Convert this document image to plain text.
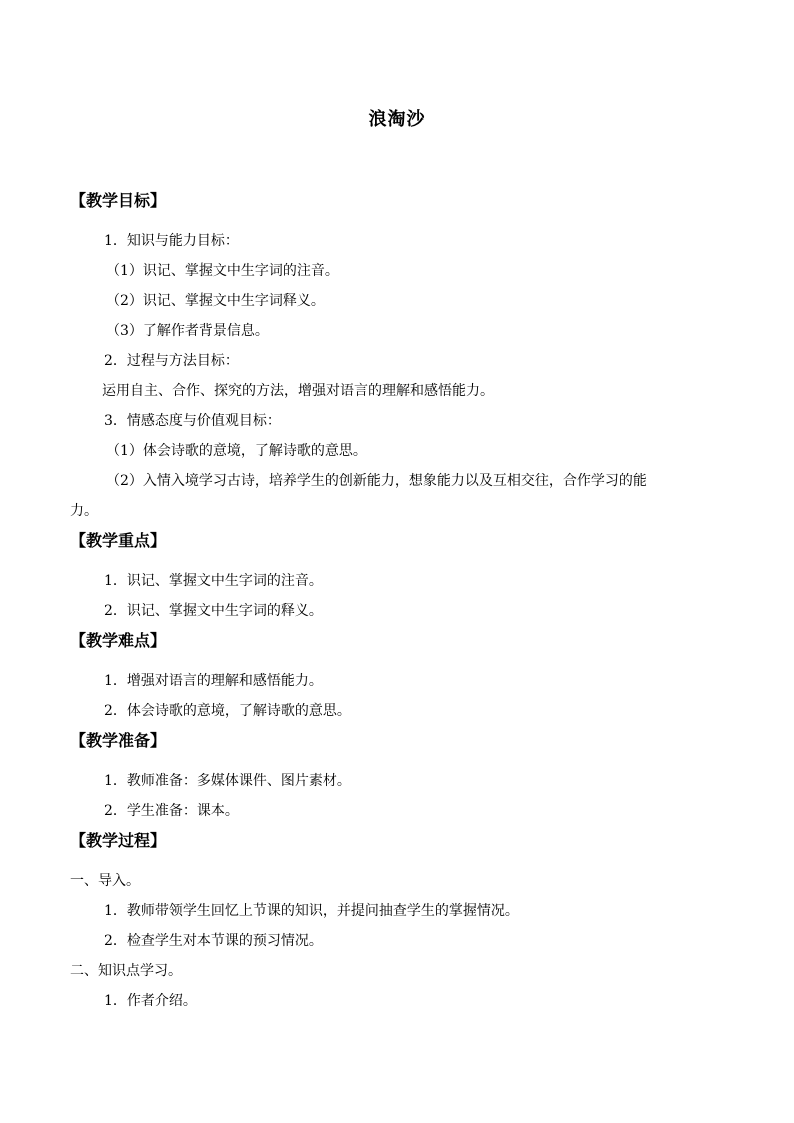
浪淘沙
【教学目标】
1．知识与能力目标：
（1）识记、掌握文中生字词的注音。
（2）识记、掌握文中生字词释义。
（3）了解作者背景信息。
2．过程与方法目标：
运用自主、合作、探究的方法，增强对语言的理解和感悟能力。
3．情感态度与价值观目标：
（1）体会诗歌的意境，了解诗歌的意思。
（2）入情入境学习古诗，培养学生的创新能力，想象能力以及互相交往，合作学习的能
力。
【教学重点】
1．识记、掌握文中生字词的注音。
2．识记、掌握文中生字词的释义。
【教学难点】
1．增强对语言的理解和感悟能力。
2．体会诗歌的意境，了解诗歌的意思。
【教学准备】
1．教师准备：多媒体课件、图片素材。
2．学生准备：课本。
【教学过程】
一、导入。
1．教师带领学生回忆上节课的知识，并提问抽查学生的掌握情况。
2．检查学生对本节课的预习情况。
二、知识点学习。
1．作者介绍。
